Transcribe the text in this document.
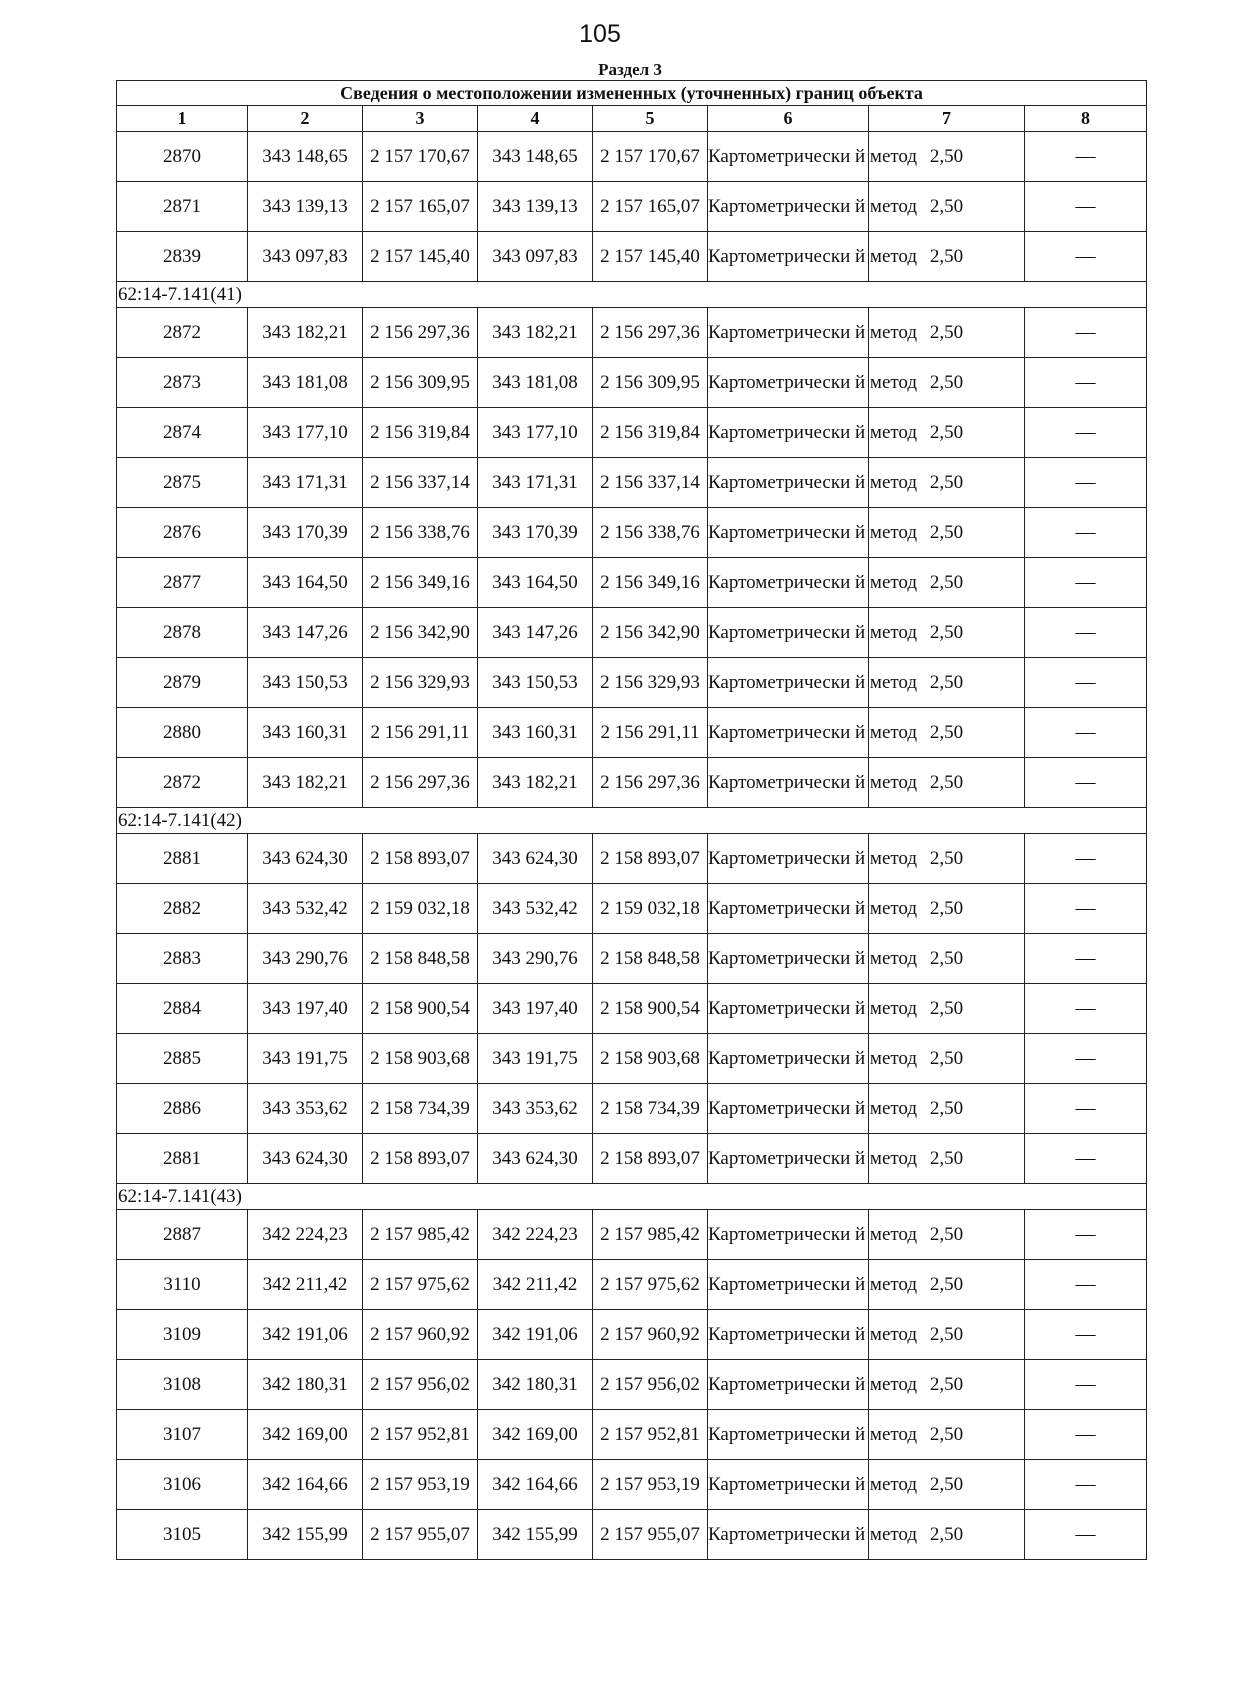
105
Раздел 3
Сведения о местоположении измененных (уточненных) границ объекта							
1	2	3	4	5	6	7	8
2870	343 148,65	2 157 170,67	343 148,65	2 157 170,67	Картометрически й метод	2,50	—
2871	343 139,13	2 157 165,07	343 139,13	2 157 165,07	Картометрически й метод	2,50	—
2839	343 097,83	2 157 145,40	343 097,83	2 157 145,40	Картометрически й метод	2,50	—
62:14-7.141(41)							
2872	343 182,21	2 156 297,36	343 182,21	2 156 297,36	Картометрически й метод	2,50	—
2873	343 181,08	2 156 309,95	343 181,08	2 156 309,95	Картометрически й метод	2,50	—
2874	343 177,10	2 156 319,84	343 177,10	2 156 319,84	Картометрически й метод	2,50	—
2875	343 171,31	2 156 337,14	343 171,31	2 156 337,14	Картометрически й метод	2,50	—
2876	343 170,39	2 156 338,76	343 170,39	2 156 338,76	Картометрически й метод	2,50	—
2877	343 164,50	2 156 349,16	343 164,50	2 156 349,16	Картометрически й метод	2,50	—
2878	343 147,26	2 156 342,90	343 147,26	2 156 342,90	Картометрически й метод	2,50	—
2879	343 150,53	2 156 329,93	343 150,53	2 156 329,93	Картометрически й метод	2,50	—
2880	343 160,31	2 156 291,11	343 160,31	2 156 291,11	Картометрически й метод	2,50	—
2872	343 182,21	2 156 297,36	343 182,21	2 156 297,36	Картометрически й метод	2,50	—
62:14-7.141(42)							
2881	343 624,30	2 158 893,07	343 624,30	2 158 893,07	Картометрически й метод	2,50	—
2882	343 532,42	2 159 032,18	343 532,42	2 159 032,18	Картометрически й метод	2,50	—
2883	343 290,76	2 158 848,58	343 290,76	2 158 848,58	Картометрически й метод	2,50	—
2884	343 197,40	2 158 900,54	343 197,40	2 158 900,54	Картометрически й метод	2,50	—
2885	343 191,75	2 158 903,68	343 191,75	2 158 903,68	Картометрически й метод	2,50	—
2886	343 353,62	2 158 734,39	343 353,62	2 158 734,39	Картометрически й метод	2,50	—
2881	343 624,30	2 158 893,07	343 624,30	2 158 893,07	Картометрически й метод	2,50	—
62:14-7.141(43)							
2887	342 224,23	2 157 985,42	342 224,23	2 157 985,42	Картометрически й метод	2,50	—
3110	342 211,42	2 157 975,62	342 211,42	2 157 975,62	Картометрически й метод	2,50	—
3109	342 191,06	2 157 960,92	342 191,06	2 157 960,92	Картометрически й метод	2,50	—
3108	342 180,31	2 157 956,02	342 180,31	2 157 956,02	Картометрически й метод	2,50	—
3107	342 169,00	2 157 952,81	342 169,00	2 157 952,81	Картометрически й метод	2,50	—
3106	342 164,66	2 157 953,19	342 164,66	2 157 953,19	Картометрически й метод	2,50	—
3105	342 155,99	2 157 955,07	342 155,99	2 157 955,07	Картометрически й метод	2,50	—
